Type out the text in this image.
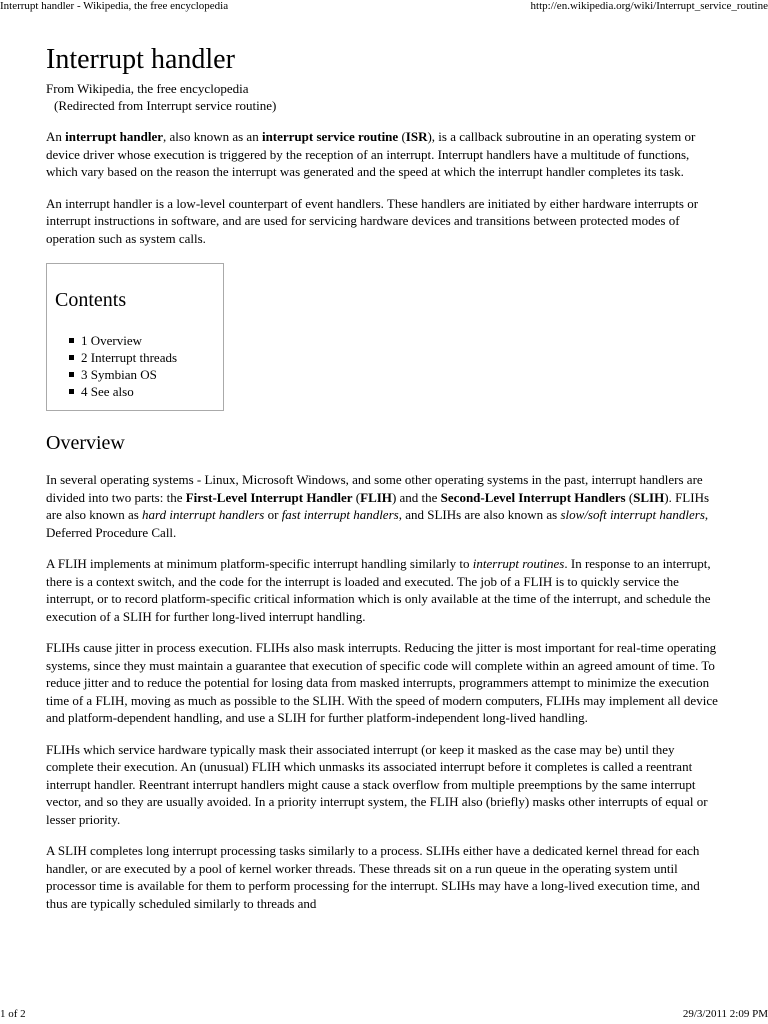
Interrupt handler - Wikipedia, the free encyclopedia	http://en.wikipedia.org/wiki/Interrupt_service_routine
Interrupt handler
From Wikipedia, the free encyclopedia
(Redirected from Interrupt service routine)

An interrupt handler, also known as an interrupt service routine (ISR), is a callback subroutine in an operating system or device driver whose execution is triggered by the reception of an interrupt. Interrupt handlers have a multitude of functions, which vary based on the reason the interrupt was generated and the speed at which the interrupt handler completes its task.

An interrupt handler is a low-level counterpart of event handlers. These handlers are initiated by either hardware interrupts or interrupt instructions in software, and are used for servicing hardware devices and transitions between protected modes of operation such as system calls.

Contents
1 Overview
2 Interrupt threads
3 Symbian OS
4 See also
Overview

In several operating systems - Linux, Microsoft Windows, and some other operating systems in the past, interrupt handlers are divided into two parts: the First-Level Interrupt Handler (FLIH) and the Second-Level Interrupt Handlers (SLIH). FLIHs are also known as hard interrupt handlers or fast interrupt handlers, and SLIHs are also known as slow/soft interrupt handlers, Deferred Procedure Call.

A FLIH implements at minimum platform-specific interrupt handling similarly to interrupt routines. In response to an interrupt, there is a context switch, and the code for the interrupt is loaded and executed. The job of a FLIH is to quickly service the interrupt, or to record platform-specific critical information which is only available at the time of the interrupt, and schedule the execution of a SLIH for further long-lived interrupt handling.

FLIHs cause jitter in process execution. FLIHs also mask interrupts. Reducing the jitter is most important for real-time operating systems, since they must maintain a guarantee that execution of specific code will complete within an agreed amount of time. To reduce jitter and to reduce the potential for losing data from masked interrupts, programmers attempt to minimize the execution time of a FLIH, moving as much as possible to the SLIH. With the speed of modern computers, FLIHs may implement all device and platform-dependent handling, and use a SLIH for further platform-independent long-lived handling.

FLIHs which service hardware typically mask their associated interrupt (or keep it masked as the case may be) until they complete their execution. An (unusual) FLIH which unmasks its associated interrupt before it completes is called a reentrant interrupt handler. Reentrant interrupt handlers might cause a stack overflow from multiple preemptions by the same interrupt vector, and so they are usually avoided. In a priority interrupt system, the FLIH also (briefly) masks other interrupts of equal or lesser priority.

A SLIH completes long interrupt processing tasks similarly to a process. SLIHs either have a dedicated kernel thread for each handler, or are executed by a pool of kernel worker threads. These threads sit on a run queue in the operating system until processor time is available for them to perform processing for the interrupt. SLIHs may have a long-lived execution time, and thus are typically scheduled similarly to threads and

1 of 2	29/3/2011 2:09 PM
